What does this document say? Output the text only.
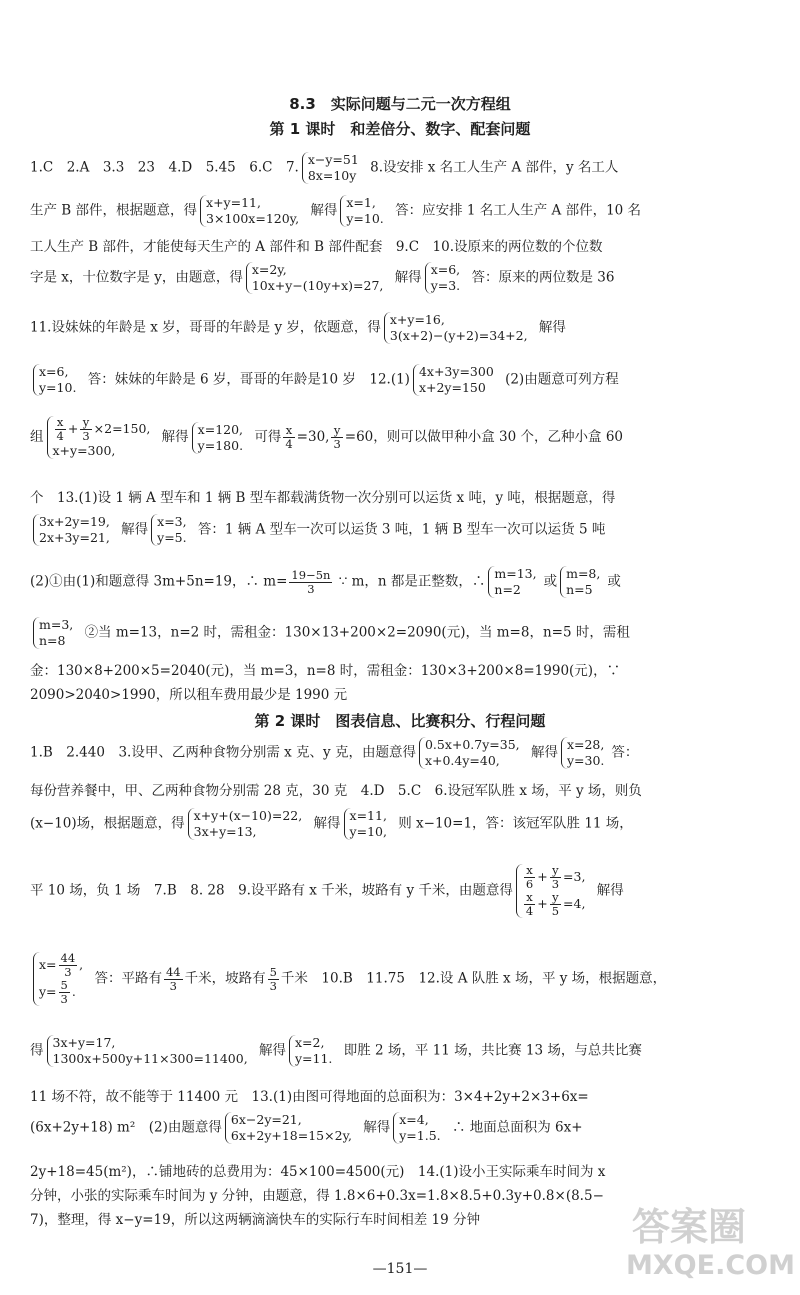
8.3　实际问题与二元一次方程组
第 1 课时　和差倍分、数字、配套问题
1.C　2.A　3.3　23　4.D　5.45　6.C　7. x−y=51
8x=10y 8.设安排 x 名工人生产 A 部件，y 名工人
生产 B 部件，根据题意，得 x+y=11,
3×100x=120y, 解得 x=1,
y=10. 答：应安排 1 名工人生产 A 部件，10 名
工人生产 B 部件，才能使每天生产的 A 部件和 B 部件配套　9.C　10.设原来的两位数的个位数
字是 x，十位数字是 y，由题意，得 x=2y,
10x+y−(10y+x)=27, 解得 x=6,
y=3. 答：原来的两位数是 36
11.设妹妹的年龄是 x 岁，哥哥的年龄是 y 岁，依题意，得 x+y=16,
3(x+2)−(y+2)=34+2, 解得
x=6,
y=10. 答：妹妹的年龄是 6 岁，哥哥的年龄是10 岁　12.(1) 4x+3y=300
x+2y=150	(2)由题意可列方程
组 $\frac{x}{4} + \frac{y}{3} \times 2=150$,
x+y=300,
解得 x=120,
y=180. 可得 $\frac{x}{4} =30$, $\frac{y}{3} =60$，则可以做甲种小盒 30 个，乙种小盒 60
个　13.(1)设 1 辆 A 型车和 1 辆 B 型车都载满货物一次分别可以运货 x 吨，y 吨，根据题意，得
3x+2y=19,
2x+3y=21, 解得 x=3,
y=5. 答：1 辆 A 型车一次可以运货 3 吨，1 辆 B 型车一次可以运货 5 吨
(2)①由(1)和题意得 3m+5n=19，∴ $m= \frac{19-5n}{3}$ ∵ m，n 都是正整数，∴ m=13,
n=2	或 m=8,
n=5	或
m=3,
n=8	②当 m=13，n=2 时，需租金：130×13+200×2=2090(元)，当 m=8，n=5 时，需租
金：130×8+200×5=2040(元)，当 m=3，n=8 时，需租金：130×3+200×8=1990(元)，∵
2090>2040>1990，所以租车费用最少是 1990 元
第 2 课时　图表信息、比赛积分、行程问题
1.B　2.440　3.设甲、乙两种食物分别需 x 克、y 克，由题意得 0.5x+0.7y=35,
x+0.4y=40,	解得 x=28,
y=30. 答：
每份营养餐中，甲、乙两种食物分别需 28 克，30 克　4.D　5.C　6.设冠军队胜 x 场，平 y 场，则负
(x−10)场，根据题意，得 x+y+(x−10)=22,
3x+y=13,	解得 x=11,
y=10, 则 x−10=1，答：该冠军队胜 11 场，
平 10 场，负 1 场　7.B　8. 28　9.设平路有 x 千米，坡路有 y 千米，由题意得 $\frac{x}{6} + \frac{y}{3} =3$,
$\frac{x}{4} + \frac{y}{5} =4$,
解得
$x= \frac{44}{3}$ ,
$y= \frac{5}{3}$ .
答：平路有 $\frac{44}{3}$ 千米，坡路有 $\frac{5}{3}$ 千米　10.B　11.75　12.设 A 队胜 x 场，平 y 场，根据题意，
得 3x+y=17,
1300x+500y+11×300=11400, 解得 x=2,
y=11. 即胜 2 场，平 11 场，共比赛 13 场，与总共比赛
11 场不符，故不能等于 11400 元　13.(1)由图可得地面的总面积为：3×4+2y+2×3+6x=
(6x+2y+18) m²　(2)由题意得 6x−2y=21,
6x+2y+18=15×2y, 解得 x=4,
y=1.5. ∴ 地面总面积为 6x+
2y+18=45(m²)，∴铺地砖的总费用为：45×100=4500(元)　14.(1)设小王实际乘车时间为 x
分钟，小张的实际乘车时间为 y 分钟，由题意，得 1.8×6+0.3x=1.8×8.5+0.3y+0.8×(8.5−
7)，整理，得 x−y=19，所以这两辆滴滴快车的实际行车时间相差 19 分钟
—151—
答案圈
MXQE.COM
